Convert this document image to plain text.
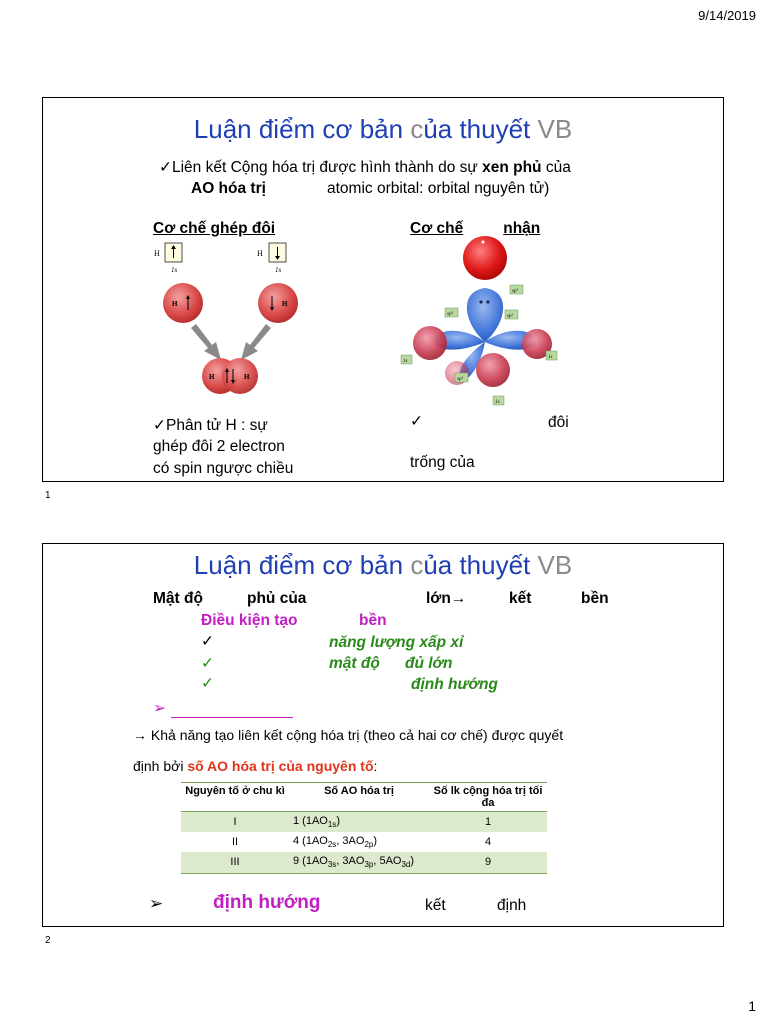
9/14/2019
Luận điểm cơ bản của thuyết VB
✓Liên kết Cộng hóa trị được hình thành do sự xen phủ của
AO hóa trị	atomic orbital: orbital nguyên tử)
Cơ chế ghép đôi	Cơ chế	nhận
H
1s
H
1s
H	H
H	H
sp³
sp³	sp³
sp³
1s
1s
1s
✓Phân tử H : sự
ghép đôi 2 electron
có spin ngược chiều
✓	đôi
trống của
1
Luận điểm cơ bản của thuyết VB
Mật độ	phủ của	lớn→	kết	bền
Điều kiện tạo	bền
✓	năng lượng xấp xỉ
✓	mật độ đủ lớn
✓	định hướng
➢
→ Khả năng tạo liên kết cộng hóa trị (theo cả hai cơ chế) được quyết
định bởi số AO hóa trị của nguyên tố:
Nguyên tố ở chu kì	Số AO hóa trị	Số lk cộng hóa trị tối đa
I	1 $(1AO_{1s})$	1
II	4 ($1AO_{2s}$, $3AO_{2p}$)	4
III	9 ($1AO_{3s}$, $3AO_{3p}$, $5AO_{3d}$)	9
➢	định hướng	kết	định
2
1
